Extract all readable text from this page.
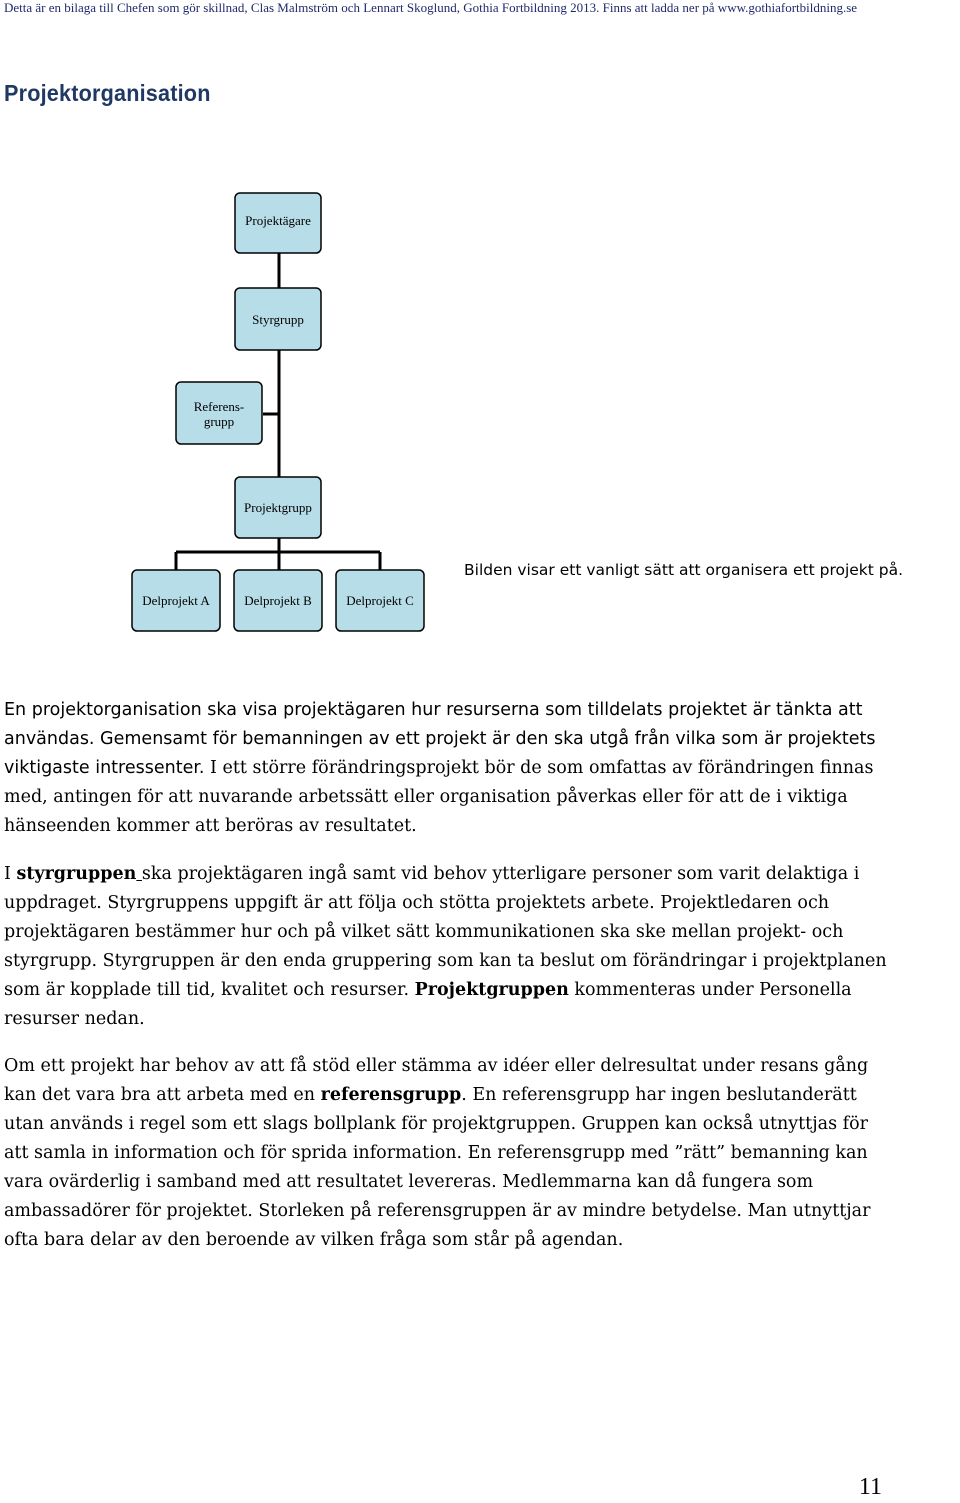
Detta är en bilaga till Chefen som gör skillnad, Clas Malmström och Lennart Skoglund, Gothia Fortbildning 2013. Finns att ladda ner på www.gothiafortbildning.se
Projektorganisation
Projektägare
Styrgrupp
Referens-
grupp
Projektgrupp
Delprojekt A	Delprojekt B	Delprojekt C
Bilden visar ett vanligt sätt att organisera ett projekt på.

En projektorganisation ska visa projektägaren hur resurserna som tilldelats projektet är tänkta att användas. Gemensamt för bemanningen av ett projekt är den ska utgå från vilka som är projektets viktigaste intressenter. I ett större förändringsprojekt bör de som omfattas av förändringen finnas med, antingen för att nuvarande arbetssätt eller organisation påverkas eller för att de i viktiga hänseenden kommer att beröras av resultatet.

I styrgruppen ska projektägaren ingå samt vid behov ytterligare personer som varit delaktiga i uppdraget. Styrgruppens uppgift är att följa och stötta projektets arbete. Projektledaren och projektägaren bestämmer hur och på vilket sätt kommunikationen ska ske mellan projekt- och styrgrupp. Styrgruppen är den enda gruppering som kan ta beslut om förändringar i projektplanen som är kopplade till tid, kvalitet och resurser. Projektgruppen kommenteras under Personella resurser nedan.

Om ett projekt har behov av att få stöd eller stämma av idéer eller delresultat under resans gång kan det vara bra att arbeta med en referensgrupp. En referensgrupp har ingen beslutanderätt utan används i regel som ett slags bollplank för projektgruppen. Gruppen kan också utnyttjas för att samla in information och för sprida information. En referensgrupp med ”rätt” bemanning kan vara ovärderlig i samband med att resultatet levereras. Medlemmarna kan då fungera som ambassadörer för projektet. Storleken på referensgruppen är av mindre betydelse. Man utnyttjar ofta bara delar av den beroende av vilken fråga som står på agendan.

11
